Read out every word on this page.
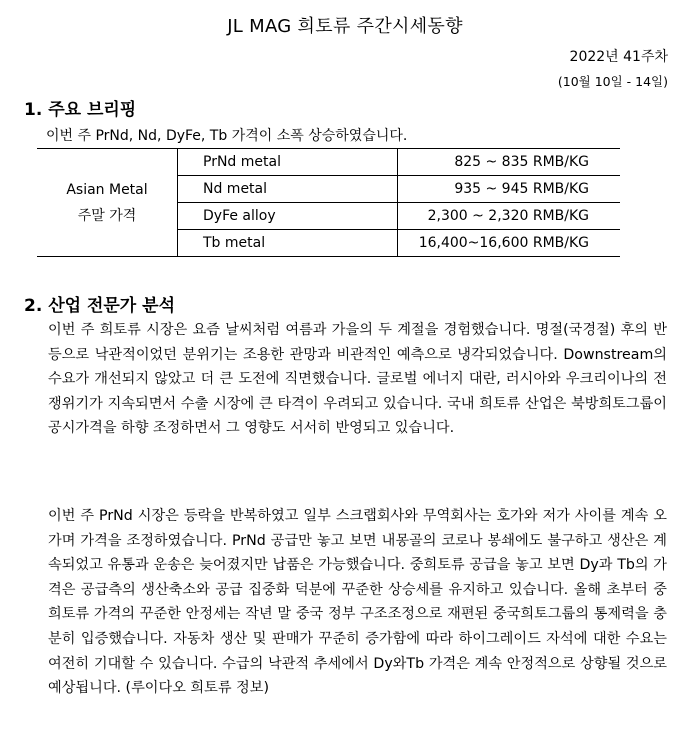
JL MAG 희토류 주간시세동향
2022년 41주차
(10월 10일 - 14일)
1. 주요 브리핑
이번 주 PrNd, Nd, DyFe, Tb 가격이 소폭 상승하였습니다.
Asian Metal
주말 가격	PrNd metal	825 ~ 835 RMB/KG
	Nd metal	935 ~ 945 RMB/KG
	DyFe alloy	2,300 ~ 2,320 RMB/KG
	Tb metal	16,400~16,600 RMB/KG
2. 산업 전문가 분석
이번 주 희토류 시장은 요즘 날씨처럼 여름과 가을의 두 계절을 경험했습니다. 명절(국경절) 후의 반등으로 낙관적이었던 분위기는 조용한 관망과 비관적인 예측으로 냉각되었습니다. Downstream의 수요가 개선되지 않았고 더 큰 도전에 직면했습니다. 글로벌 에너지 대란, 러시아와 우크리이나의 전쟁위기가 지속되면서 수출 시장에 큰 타격이 우려되고 있습니다. 국내 희토류 산업은 북방희토그룹이 공시가격을 하향 조정하면서 그 영향도 서서히 반영되고 있습니다.
이번 주 PrNd 시장은 등락을 반복하였고 일부 스크랩회사와 무역회사는 호가와 저가 사이를 계속 오가며 가격을 조정하였습니다. PrNd 공급만 놓고 보면 내몽골의 코로나 봉쇄에도 불구하고 생산은 계속되었고 유통과 운송은 늦어졌지만 납품은 가능했습니다. 중희토류 공급을 놓고 보면 Dy과 Tb의 가격은 공급측의 생산축소와 공급 집중화 덕분에 꾸준한 상승세를 유지하고 있습니다. 올해 초부터 중희토류 가격의 꾸준한 안정세는 작년 말 중국 정부 구조조정으로 재편된 중국희토그룹의 통제력을 충분히 입증했습니다. 자동차 생산 및 판매가 꾸준히 증가함에 따라 하이그레이드 자석에 대한 수요는 여전히 기대할 수 있습니다. 수급의 낙관적 추세에서 Dy와Tb 가격은 계속 안정적으로 상향될 것으로 예상됩니다. (루이다오 희토류 정보)
